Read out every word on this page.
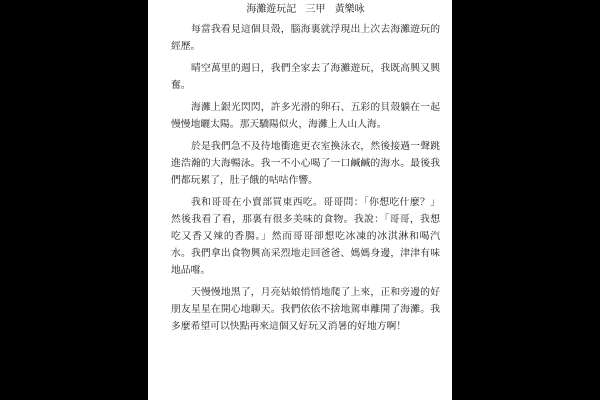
海灘遊玩記 三甲 黃樂咏

每當我看見這個貝殼，腦海裏就浮現出上次去海灘遊玩的經歷。

晴空萬里的週日，我們全家去了海灘遊玩，我既高興又興奮。

海灘上銀光閃閃，許多光滑的卵石、五彩的貝殼躺在一起慢慢地曬太陽。那天驕陽似火，海灘上人山人海。

於是我們急不及待地衝進更衣室換泳衣，然後接過一聲跳進浩瀚的大海暢泳。我一不小心喝了一口鹹鹹的海水。最後我們都玩累了，肚子餓的咕咕作響。

我和哥哥在小賣部買東西吃。哥哥問：「你想吃什麼？」然後我看了看，那裏有很多美味的食物。我說：「哥哥，我想吃又香又辣的香腸。」然而哥哥卻想吃冰凍的冰淇淋和喝汽水。我們拿出食物興高采烈地走回爸爸、媽媽身邊，津津有味地品嚐。

天慢慢地黑了，月亮姑娘悄悄地爬了上來，正和旁邊的好朋友星星在開心地聊天。我們依依不捨地駕車離開了海灘。我多麼希望可以快點再來這個又好玩又消暑的好地方啊！
